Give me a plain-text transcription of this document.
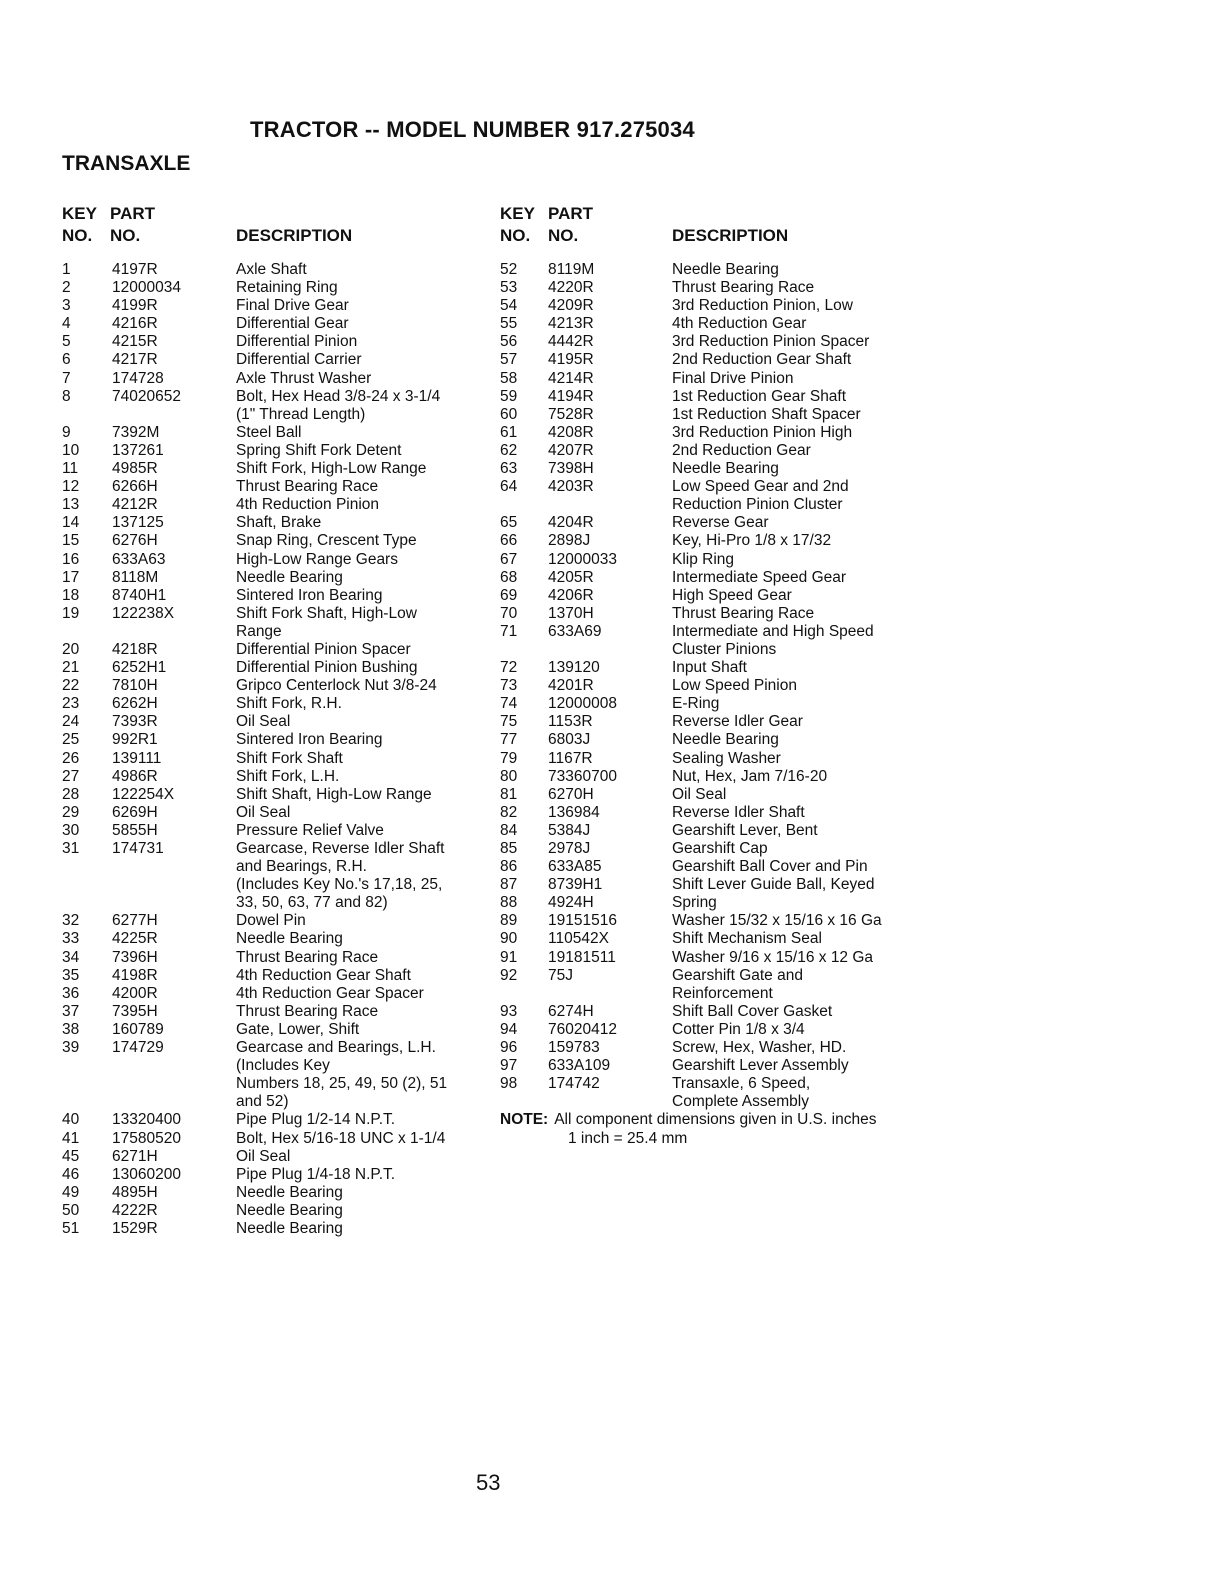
TRACTOR -- MODEL NUMBER 917.275034
TRANSAXLE
KEY
NO.
PART
NO.	DESCRIPTION
1	4197R	Axle Shaft
2	12000034	Retaining Ring
3	4199R	Final Drive Gear
4	4216R	Differential Gear
5	4215R	Differential Pinion
6	4217R	Differential Carrier
7	174728	Axle Thrust Washer
8	74020652	Bolt, Hex Head 3/8-24 x 3-1/4
(1" Thread Length)
9	7392M	Steel Ball
10	137261	Spring Shift Fork Detent
11	4985R	Shift Fork, High-Low Range
12	6266H	Thrust Bearing Race
13	4212R	4th Reduction Pinion
14	137125	Shaft, Brake
15	6276H	Snap Ring, Crescent Type
16	633A63	High-Low Range Gears
17	8118M	Needle Bearing
18	8740H1	Sintered Iron Bearing
19	122238X	Shift Fork Shaft, High-Low
Range
20	4218R	Differential Pinion Spacer
21	6252H1	Differential Pinion Bushing
22	7810H	Gripco Centerlock Nut 3/8-24
23	6262H	Shift Fork, R.H.
24	7393R	Oil Seal
25	992R1	Sintered Iron Bearing
26	139111	Shift Fork Shaft
27	4986R	Shift Fork, L.H.
28	122254X	Shift Shaft, High-Low Range
29	6269H	Oil Seal
30	5855H	Pressure Relief Valve
31	174731	Gearcase, Reverse Idler Shaft
and Bearings, R.H.
(Includes Key No.'s 17,18, 25,
33, 50, 63, 77 and 82)
32	6277H	Dowel Pin
33	4225R	Needle Bearing
34	7396H	Thrust Bearing Race
35	4198R	4th Reduction Gear Shaft
36	4200R	4th Reduction Gear Spacer
37	7395H	Thrust Bearing Race
38	160789	Gate, Lower, Shift
39	174729	Gearcase and Bearings, L.H.
(Includes Key
Numbers 18, 25, 49, 50 (2), 51
and 52)
40	13320400	Pipe Plug 1/2-14 N.P.T.
41	17580520	Bolt, Hex 5/16-18 UNC x 1-1/4
45	6271H	Oil Seal
46	13060200	Pipe Plug 1/4-18 N.P.T.
49	4895H	Needle Bearing
50	4222R	Needle Bearing
51	1529R	Needle Bearing
KEY
NO.
PART
NO.	DESCRIPTION
52	8119M	Needle Bearing
53	4220R	Thrust Bearing Race
54	4209R	3rd Reduction Pinion, Low
55	4213R	4th Reduction Gear
56	4442R	3rd Reduction Pinion Spacer
57	4195R	2nd Reduction Gear Shaft
58	4214R	Final Drive Pinion
59	4194R	1st Reduction Gear Shaft
60	7528R	1st Reduction Shaft Spacer
61	4208R	3rd Reduction Pinion High
62	4207R	2nd Reduction Gear
63	7398H	Needle Bearing
64	4203R	Low Speed Gear and 2nd
Reduction Pinion Cluster
65	4204R	Reverse Gear
66	2898J	Key, Hi-Pro 1/8 x 17/32
67	12000033	Klip Ring
68	4205R	Intermediate Speed Gear
69	4206R	High Speed Gear
70	1370H	Thrust Bearing Race
71	633A69	Intermediate and High Speed
Cluster Pinions
72	139120	Input Shaft
73	4201R	Low Speed Pinion
74	12000008	E-Ring
75	1153R	Reverse Idler Gear
77	6803J	Needle Bearing
79	1167R	Sealing Washer
80	73360700	Nut, Hex, Jam 7/16-20
81	6270H	Oil Seal
82	136984	Reverse Idler Shaft
84	5384J	Gearshift Lever, Bent
85	2978J	Gearshift Cap
86	633A85	Gearshift Ball Cover and Pin
87	8739H1	Shift Lever Guide Ball, Keyed
88	4924H	Spring
89	19151516	Washer 15/32 x 15/16 x 16 Ga
90	110542X	Shift Mechanism Seal
91	19181511	Washer 9/16 x 15/16 x 12 Ga
92	75J	Gearshift Gate and
Reinforcement
93	6274H	Shift Ball Cover Gasket
94	76020412	Cotter Pin 1/8 x 3/4
96	159783	Screw, Hex, Washer, HD.
97	633A109	Gearshift Lever Assembly
98	174742	Transaxle, 6 Speed,
Complete Assembly
NOTE: All component dimensions given in U.S. inches
1 inch = 25.4 mm
53
